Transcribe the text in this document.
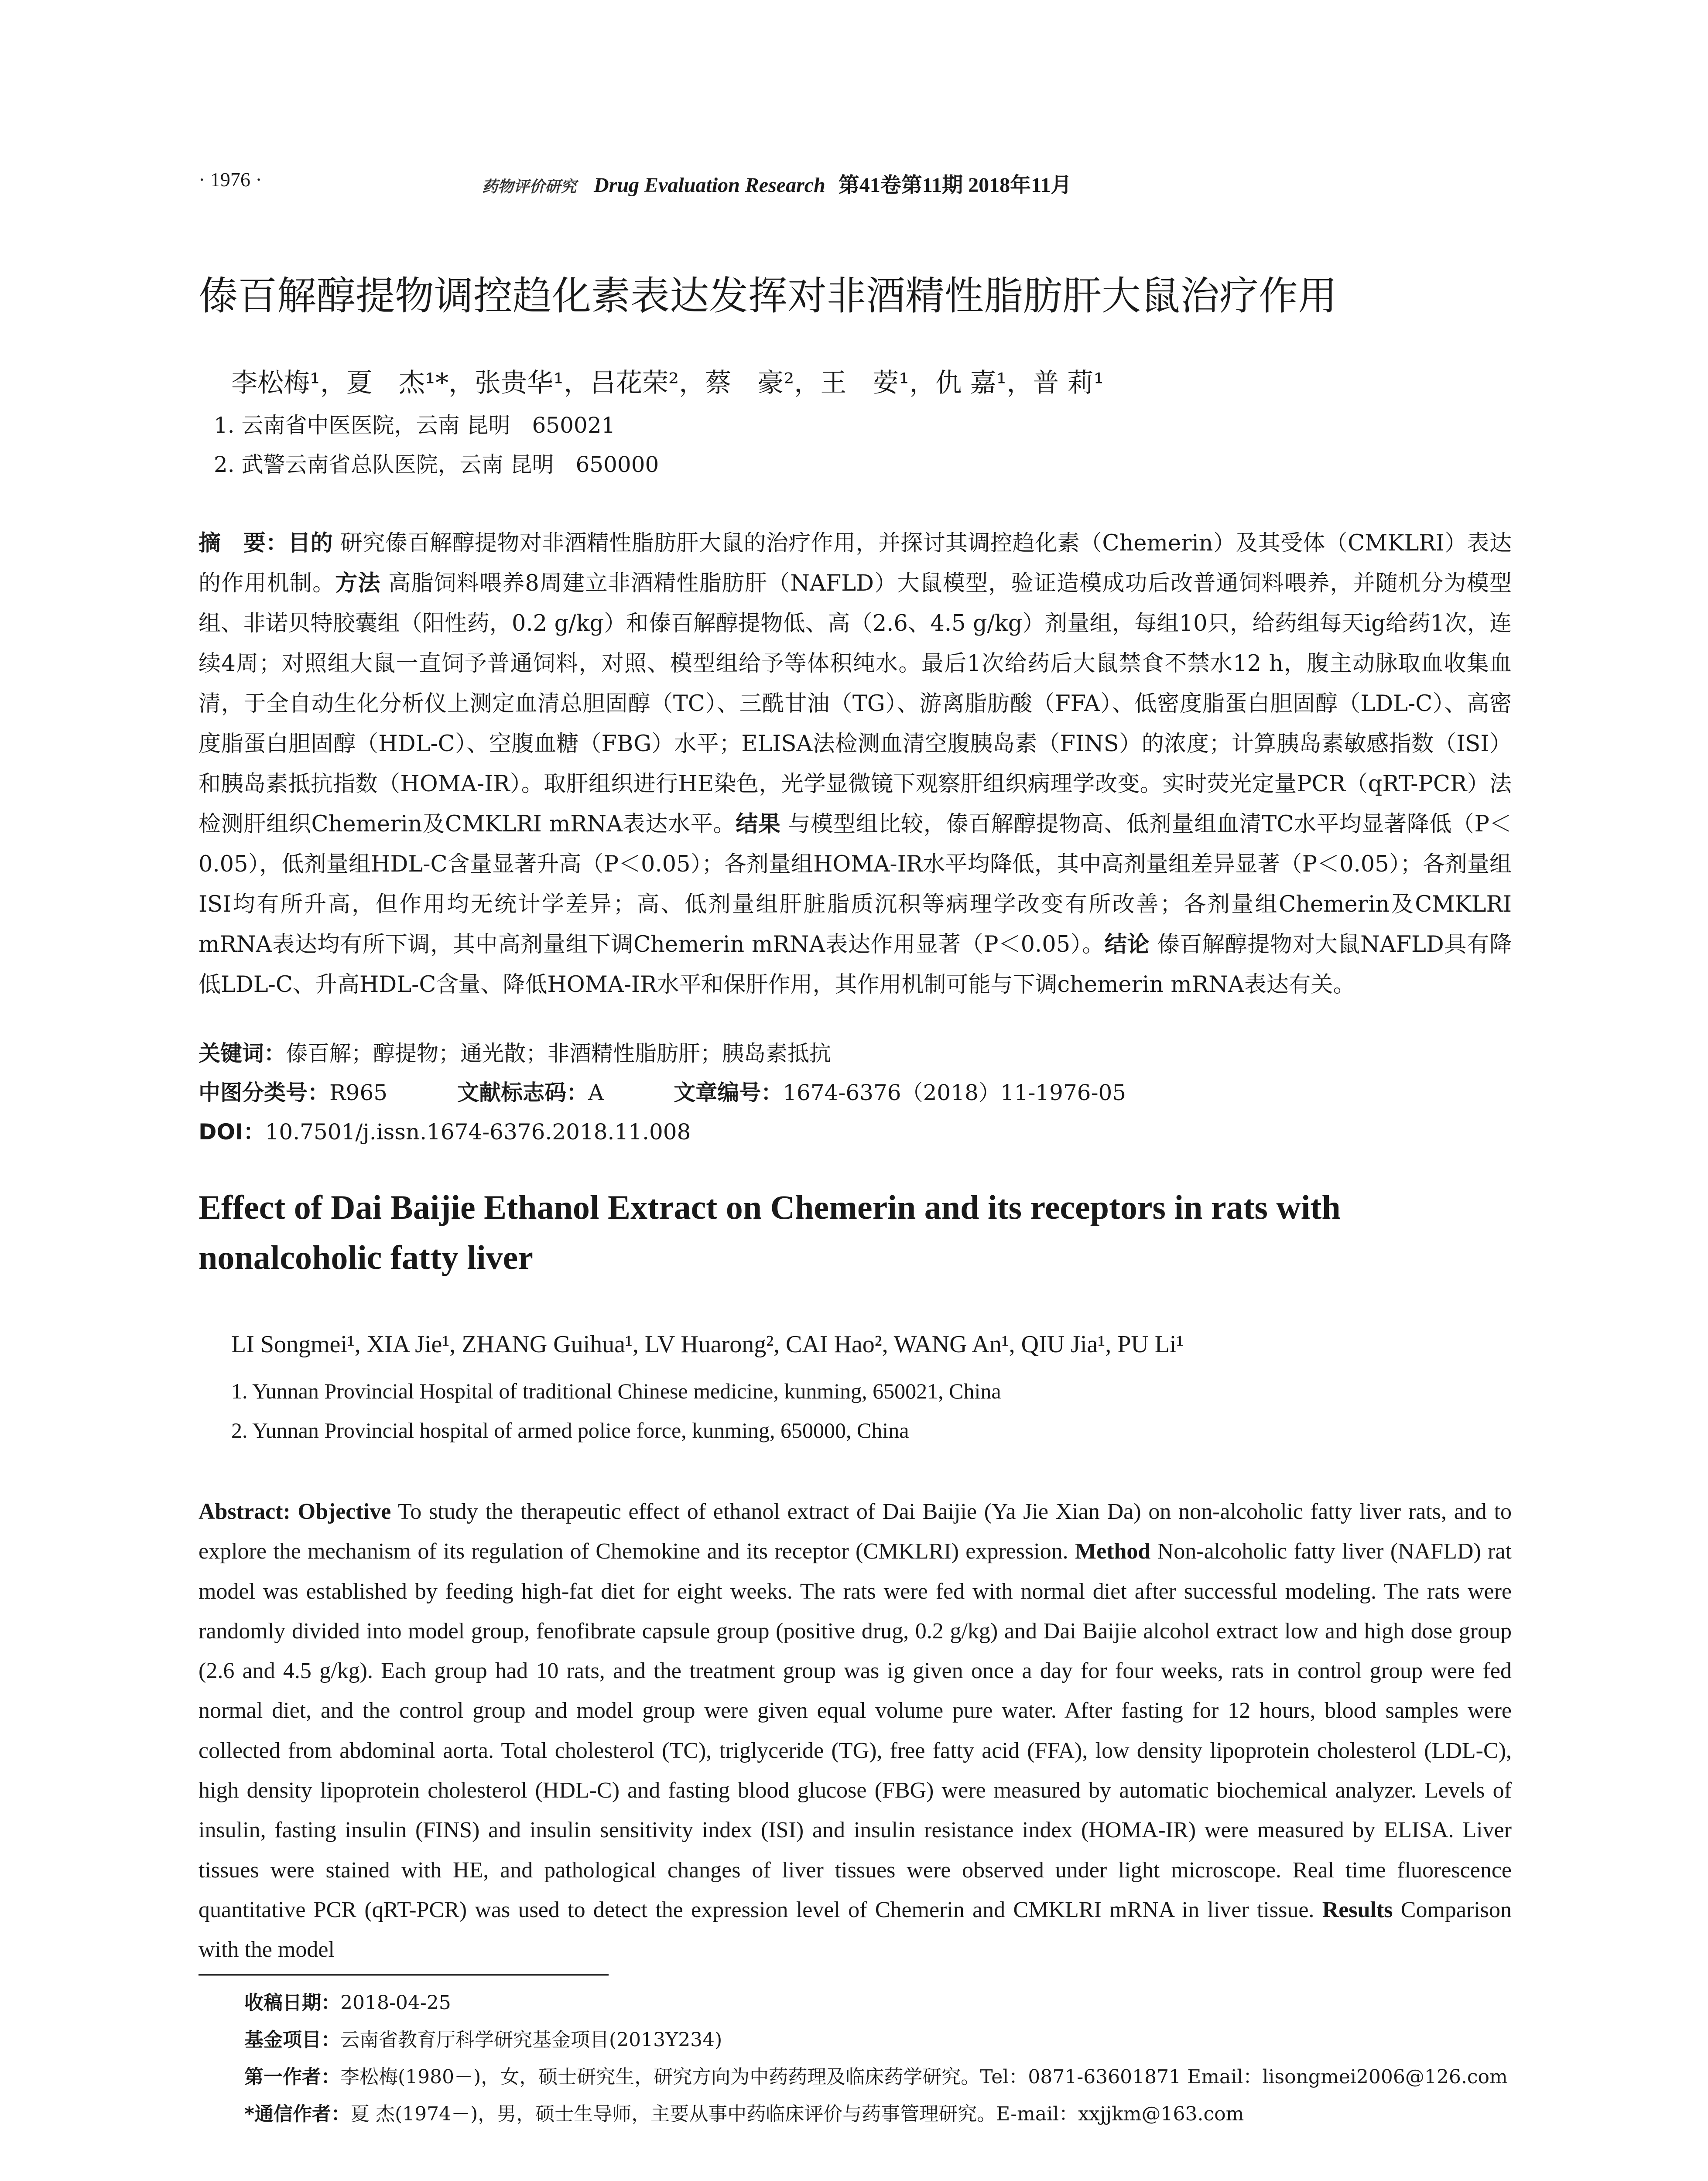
· 1976 ·	药物评价研究 Drug Evaluation Research 第41卷第11期 2018年11月
傣百解醇提物调控趋化素表达发挥对非酒精性脂肪肝大鼠治疗作用
李松梅¹，夏　杰¹*，张贵华¹，吕花荣²，蔡　豪²，王　荌¹，仇 嘉¹，普 莉¹
1. 云南省中医医院，云南 昆明　650021
2. 武警云南省总队医院，云南 昆明　650000
摘　要：目的 研究傣百解醇提物对非酒精性脂肪肝大鼠的治疗作用，并探讨其调控趋化素（Chemerin）及其受体（CMKLRI）表达的作用机制。方法 高脂饲料喂养8周建立非酒精性脂肪肝（NAFLD）大鼠模型，验证造模成功后改普通饲料喂养，并随机分为模型组、非诺贝特胶囊组（阳性药，0.2 g/kg）和傣百解醇提物低、高（2.6、4.5 g/kg）剂量组，每组10只，给药组每天ig给药1次，连续4周；对照组大鼠一直饲予普通饲料，对照、模型组给予等体积纯水。最后1次给药后大鼠禁食不禁水12 h，腹主动脉取血收集血清，于全自动生化分析仪上测定血清总胆固醇（TC）、三酰甘油（TG）、游离脂肪酸（FFA）、低密度脂蛋白胆固醇（LDL-C）、高密度脂蛋白胆固醇（HDL-C）、空腹血糖（FBG）水平；ELISA法检测血清空腹胰岛素（FINS）的浓度；计算胰岛素敏感指数（ISI）和胰岛素抵抗指数（HOMA-IR）。取肝组织进行HE染色，光学显微镜下观察肝组织病理学改变。实时荧光定量PCR（qRT-PCR）法检测肝组织Chemerin及CMKLRI mRNA表达水平。结果 与模型组比较，傣百解醇提物高、低剂量组血清TC水平均显著降低（P＜0.05），低剂量组HDL-C含量显著升高（P＜0.05）；各剂量组HOMA-IR水平均降低，其中高剂量组差异显著（P＜0.05）；各剂量组ISI均有所升高，但作用均无统计学差异；高、低剂量组肝脏脂质沉积等病理学改变有所改善；各剂量组Chemerin及CMKLRI mRNA表达均有所下调，其中高剂量组下调Chemerin mRNA表达作用显著（P＜0.05）。结论 傣百解醇提物对大鼠NAFLD具有降低LDL-C、升高HDL-C含量、降低HOMA-IR水平和保肝作用，其作用机制可能与下调chemerin mRNA表达有关。
关键词：傣百解；醇提物；通光散；非酒精性脂肪肝；胰岛素抵抗
中图分类号：R965	文献标志码：A	文章编号：1674-6376（2018）11-1976-05
DOI：10.7501/j.issn.1674-6376.2018.11.008
Effect of Dai Baijie Ethanol Extract on Chemerin and its receptors in rats with nonalcoholic fatty liver
LI Songmei¹, XIA Jie¹, ZHANG Guihua¹, LV Huarong², CAI Hao², WANG An¹, QIU Jia¹, PU Li¹
1. Yunnan Provincial Hospital of traditional Chinese medicine, kunming, 650021, China
2. Yunnan Provincial hospital of armed police force, kunming, 650000, China
Abstract: Objective To study the therapeutic effect of ethanol extract of Dai Baijie (Ya Jie Xian Da) on non-alcoholic fatty liver rats, and to explore the mechanism of its regulation of Chemokine and its receptor (CMKLRI) expression. Method Non-alcoholic fatty liver (NAFLD) rat model was established by feeding high-fat diet for eight weeks. The rats were fed with normal diet after successful modeling. The rats were randomly divided into model group, fenofibrate capsule group (positive drug, 0.2 g/kg) and Dai Baijie alcohol extract low and high dose group (2.6 and 4.5 g/kg). Each group had 10 rats, and the treatment group was ig given once a day for four weeks, rats in control group were fed normal diet, and the control group and model group were given equal volume pure water. After fasting for 12 hours, blood samples were collected from abdominal aorta. Total cholesterol (TC), triglyceride (TG), free fatty acid (FFA), low density lipoprotein cholesterol (LDL-C), high density lipoprotein cholesterol (HDL-C) and fasting blood glucose (FBG) were measured by automatic biochemical analyzer. Levels of insulin, fasting insulin (FINS) and insulin sensitivity index (ISI) and insulin resistance index (HOMA-IR) were measured by ELISA. Liver tissues were stained with HE, and pathological changes of liver tissues were observed under light microscope. Real time fluorescence quantitative PCR (qRT-PCR) was used to detect the expression level of Chemerin and CMKLRI mRNA in liver tissue. Results Comparison with the model
收稿日期：2018-04-25
基金项目：云南省教育厅科学研究基金项目(2013Y234)
第一作者：李松梅(1980－)，女，硕士研究生，研究方向为中药药理及临床药学研究。Tel：0871-63601871 Email：lisongmei2006@126.com
*通信作者：夏 杰(1974－)，男，硕士生导师，主要从事中药临床评价与药事管理研究。E-mail：xxjjkm@163.com
